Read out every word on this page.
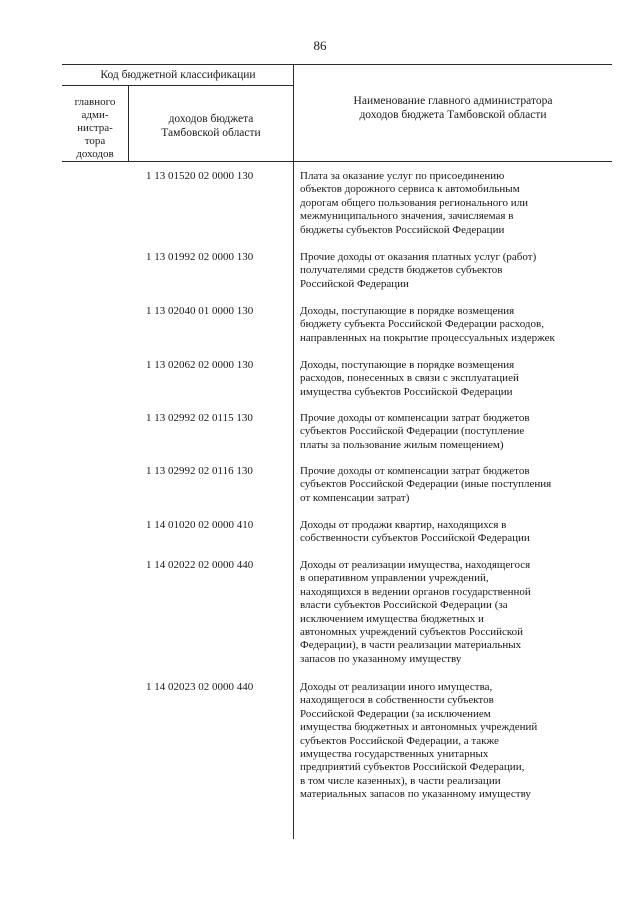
86
Код бюджетной классификации
главного
адми-
нистра-
тора
доходов
доходов бюджета
Тамбовской области
Наименование главного администратора
доходов бюджета Тамбовской области
1 13 01520 02 0000 130	Плата за оказание услуг по присоединению
объектов дорожного сервиса к автомобильным
дорогам общего пользования регионального или
межмуниципального значения, зачисляемая в
бюджеты субъектов Российской Федерации
1 13 01992 02 0000 130	Прочие доходы от оказания платных услуг (работ)
получателями средств бюджетов субъектов
Российской Федерации
1 13 02040 01 0000 130	Доходы, поступающие в порядке возмещения
бюджету субъекта Российской Федерации расходов,
направленных на покрытие процессуальных издержек
1 13 02062 02 0000 130	Доходы, поступающие в порядке возмещения
расходов, понесенных в связи с эксплуатацией
имущества субъектов Российской Федерации
1 13 02992 02 0115 130	Прочие доходы от компенсации затрат бюджетов
субъектов Российской Федерации (поступление
платы за пользование жилым помещением)
1 13 02992 02 0116 130	Прочие доходы от компенсации затрат бюджетов
субъектов Российской Федерации (иные поступления
от компенсации затрат)
1 14 01020 02 0000 410	Доходы от продажи квартир, находящихся в
собственности субъектов Российской Федерации
1 14 02022 02 0000 440	Доходы от реализации имущества, находящегося
в оперативном управлении учреждений,
находящихся в ведении органов государственной
власти субъектов Российской Федерации (за
исключением имущества бюджетных и
автономных учреждений субъектов Российской
Федерации), в части реализации материальных
запасов по указанному имуществу
1 14 02023 02 0000 440	Доходы от реализации иного имущества,
находящегося в собственности субъектов
Российской Федерации (за исключением
имущества бюджетных и автономных учреждений
субъектов Российской Федерации, а также
имущества государственных унитарных
предприятий субъектов Российской Федерации,
в том числе казенных), в части реализации
материальных запасов по указанному имуществу
